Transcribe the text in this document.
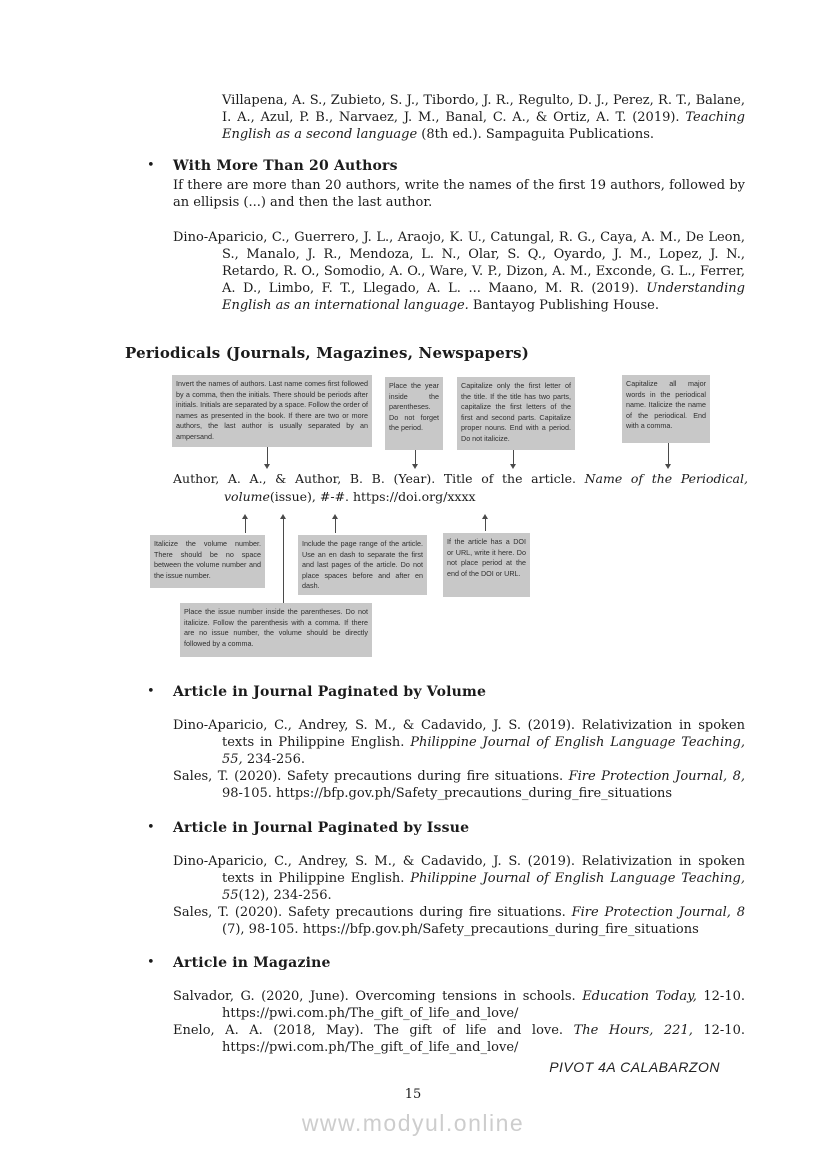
Villapena, A. S., Zubieto, S. J., Tibordo, J. R., Regulto, D. J., Perez, R. T., Balane, I. A., Azul, P. B., Narvaez, J. M., Banal, C. A., & Ortiz, A. T. (2019). Teaching English as a second language (8th ed.). Sampaguita Publications.

•	With More Than 20 Authors

If there are more than 20 authors, write the names of the first 19 authors, followed by an ellipsis (...) and then the last author.

Dino-Aparicio, C., Guerrero, J. L., Araojo, K. U., Catungal, R. G., Caya, A. M., De Leon, S., Manalo, J. R., Mendoza, L. N., Olar, S. Q., Oyardo, J. M., Lopez, J. N., Retardo, R. O., Somodio, A. O., Ware, V. P., Dizon, A. M., Exconde, G. L., Ferrer, A. D., Limbo, F. T., Llegado, A. L. ... Maano, M. R. (2019). Understanding English as an international language. Bantayog Publishing House.

Periodicals (Journals, Magazines, Newspapers)
Invert the names of authors. Last name comes first followed by a comma, then the initials. There should be periods after initials. Initials are separated by a space. Follow the order of names as presented in the book. If there are two or more authors, the last author is usually separated by an ampersand.
Place the year inside the parentheses. Do not forget the period.
Capitalize only the first letter of the title. If the title has two parts, capitalize the first letters of the first and second parts. Capitalize proper nouns. End with a period. Do not italicize.
Capitalize all major words in the periodical name. Italicize the name of the periodical. End with a comma.

Author, A. A., & Author, B. B. (Year). Title of the article. Name of the Periodical, volume(issue), #-#. https://doi.org/xxxx

Italicize the volume number. There should be no space between the volume number and the issue number.
Include the page range of the article. Use an en dash to separate the first and last pages of the article. Do not place spaces before and after en dash.
If the article has a DOI or URL, write it here. Do not place period at the end of the DOI or URL.
Place the issue number inside the parentheses. Do not italicize. Follow the parenthesis with a comma. If there are no issue number, the volume should be directly followed by a comma.
•	Article in Journal Paginated by Volume

Dino-Aparicio, C., Andrey, S. M., & Cadavido, J. S. (2019). Relativization in spoken texts in Philippine English. Philippine Journal of English Language Teaching, 55, 234-256.

Sales, T. (2020). Safety precautions during fire situations. Fire Protection Journal, 8, 98-105. https://bfp.gov.ph/Safety_precautions_during_fire_situations

•	Article in Journal Paginated by Issue

Dino-Aparicio, C., Andrey, S. M., & Cadavido, J. S. (2019). Relativization in spoken texts in Philippine English. Philippine Journal of English Language Teaching, 55(12), 234-256.

Sales, T. (2020). Safety precautions during fire situations. Fire Protection Journal, 8 (7), 98-105. https://bfp.gov.ph/Safety_precautions_during_fire_situations

•	Article in Magazine

Salvador, G. (2020, June). Overcoming tensions in schools. Education Today, 12-10. https://pwi.com.ph/The_gift_of_life_and_love/

Enelo, A. A. (2018, May). The gift of life and love. The Hours, 221, 12-10. https://pwi.com.ph/The_gift_of_life_and_love/

PIVOT 4A CALABARZON

15

www.modyul.online
